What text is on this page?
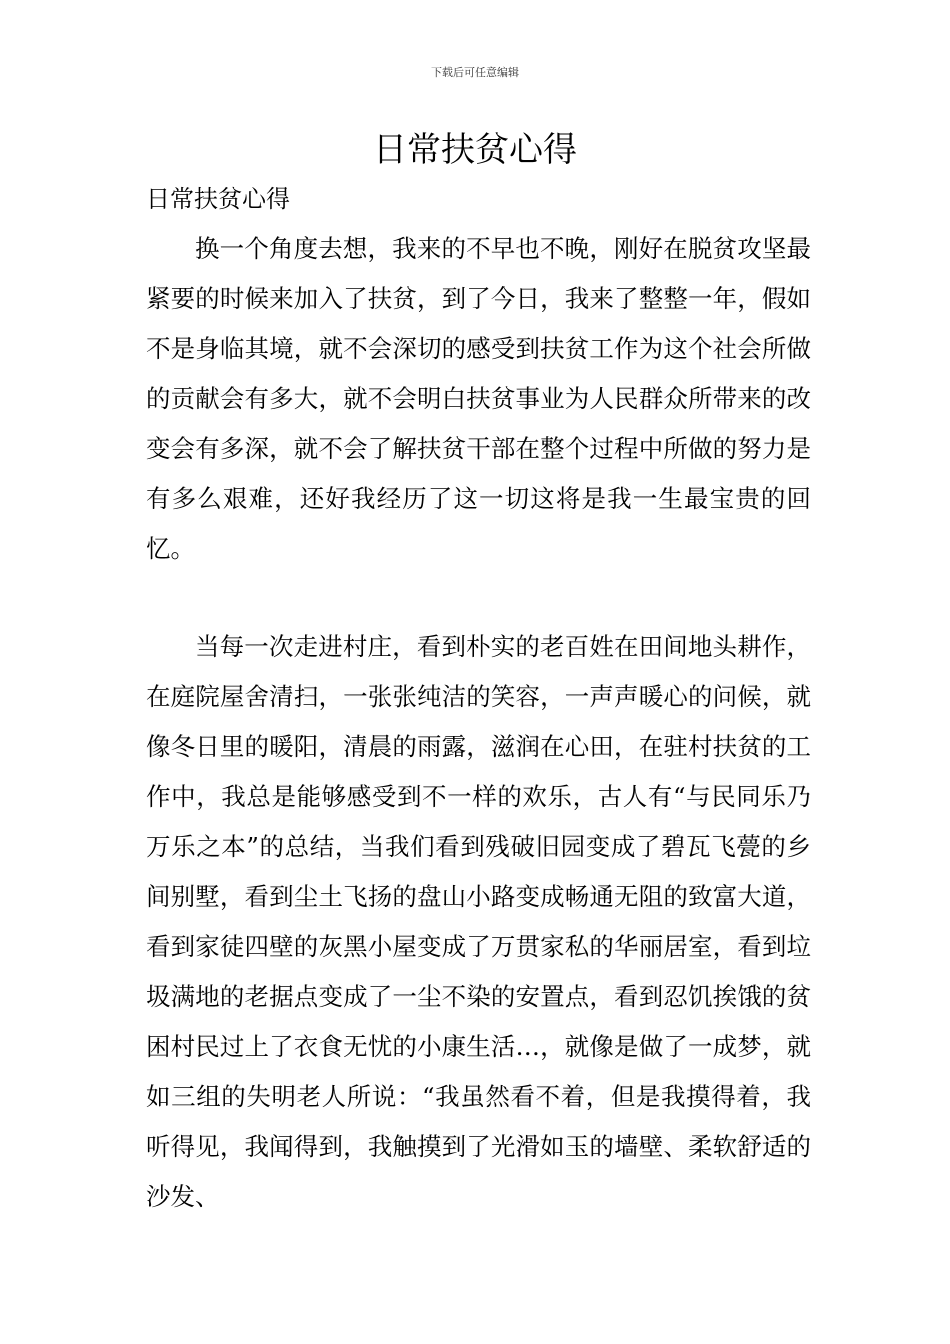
下载后可任意编辑
日常扶贫心得
日常扶贫心得

换一个角度去想，我来的不早也不晚，刚好在脱贫攻坚最紧要的时候来加入了扶贫，到了今日，我来了整整一年，假如不是身临其境，就不会深切的感受到扶贫工作为这个社会所做的贡献会有多大，就不会明白扶贫事业为人民群众所带来的改变会有多深，就不会了解扶贫干部在整个过程中所做的努力是有多么艰难，还好我经历了这一切这将是我一生最宝贵的回忆。

当每一次走进村庄，看到朴实的老百姓在田间地头耕作，在庭院屋舍清扫，一张张纯洁的笑容，一声声暖心的问候，就像冬日里的暖阳，清晨的雨露，滋润在心田，在驻村扶贫的工作中，我总是能够感受到不一样的欢乐，古人有“与民同乐乃万乐之本”的总结，当我们看到残破旧园变成了碧瓦飞甍的乡间别墅，看到尘土飞扬的盘山小路变成畅通无阻的致富大道，看到家徒四壁的灰黑小屋变成了万贯家私的华丽居室，看到垃圾满地的老据点变成了一尘不染的安置点，看到忍饥挨饿的贫困村民过上了衣食无忧的小康生活…，就像是做了一成梦，就如三组的失明老人所说：“我虽然看不着，但是我摸得着，我听得见，我闻得到，我触摸到了光滑如玉的墙壁、柔软舒适的沙发、
